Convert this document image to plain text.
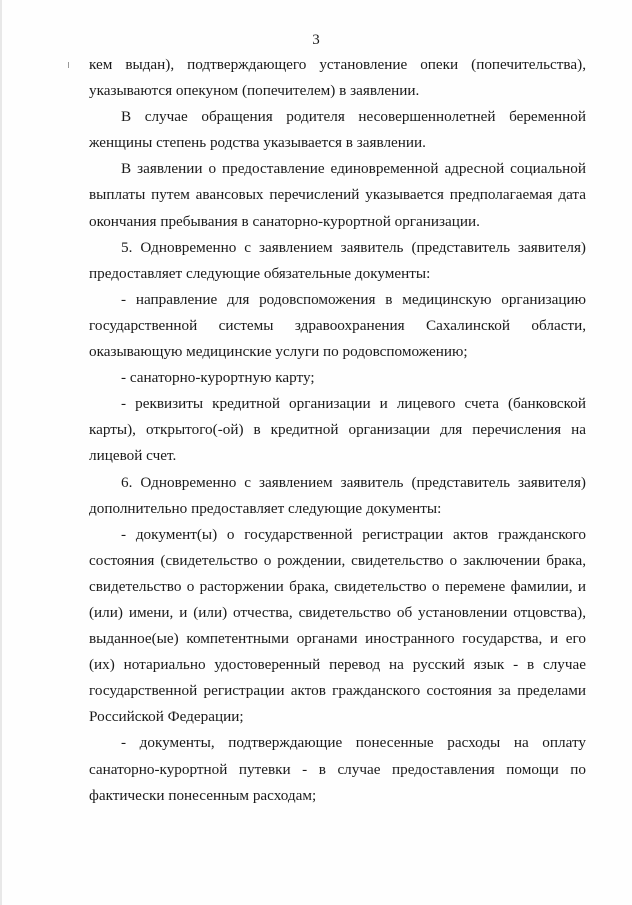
3

кем выдан), подтверждающего установление опеки (попечительства), указываются опекуном (попечителем) в заявлении.

В случае обращения родителя несовершеннолетней беременной женщины степень родства указывается в заявлении.

В заявлении о предоставление единовременной адресной социальной выплаты путем авансовых перечислений указывается предполагаемая дата окончания пребывания в санаторно-курортной организации.

5. Одновременно с заявлением заявитель (представитель заявителя) предоставляет следующие обязательные документы:

- направление для родовспоможения в медицинскую организацию государственной системы здравоохранения Сахалинской области, оказывающую медицинские услуги по родовспоможению;

- санаторно-курортную карту;

- реквизиты кредитной организации и лицевого счета (банковской карты), открытого(-ой) в кредитной организации для перечисления на лицевой счет.

6. Одновременно с заявлением заявитель (представитель заявителя) дополнительно предоставляет следующие документы:

- документ(ы) о государственной регистрации актов гражданского состояния (свидетельство о рождении, свидетельство о заключении брака, свидетельство о расторжении брака, свидетельство о перемене фамилии, и (или) имени, и (или) отчества, свидетельство об установлении отцовства), выданное(ые) компетентными органами иностранного государства, и его (их) нотариально удостоверенный перевод на русский язык - в случае государственной регистрации актов гражданского состояния за пределами Российской Федерации;

- документы, подтверждающие понесенные расходы на оплату санаторно-курортной путевки - в случае предоставления помощи по фактически понесенным расходам;
